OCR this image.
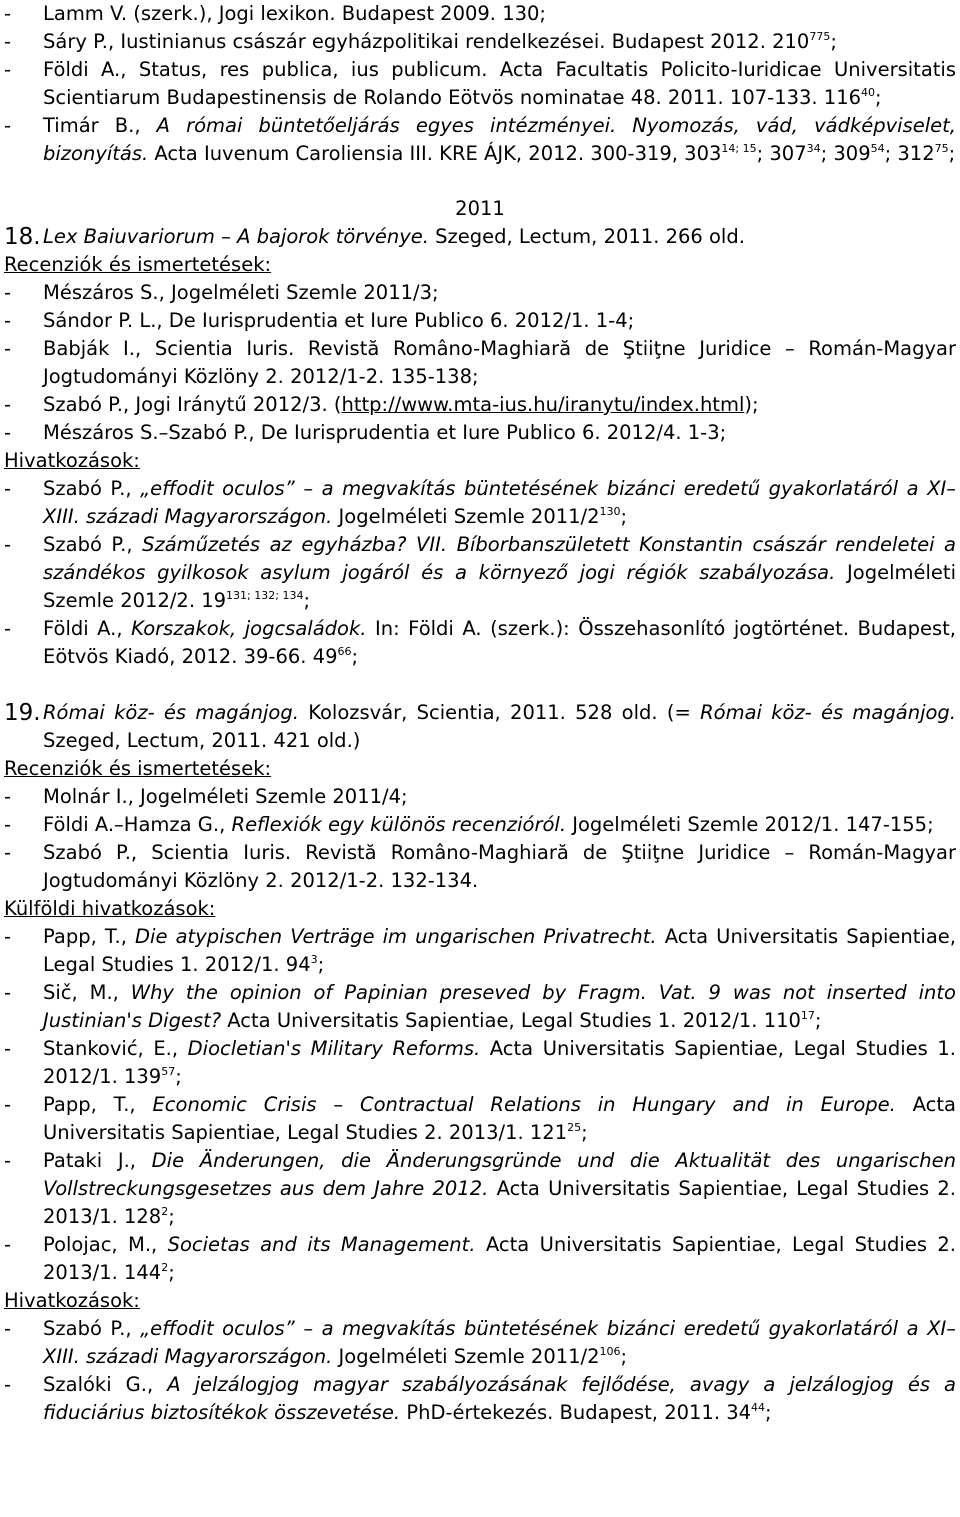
-	Lamm V. (szerk.), Jogi lexikon. Budapest 2009. 130;
-	Sáry P., Iustinianus császár egyházpolitikai rendelkezései. Budapest 2012. $210^{775}$;
-	Földi A., Status, res publica, ius publicum. Acta Facultatis Policito-Iuridicae Universitatis Scientiarum Budapestinensis de Rolando Eötvös nominatae 48. 2011. 107-133. $116^{40}$;
-	Timár B., A római büntetőeljárás egyes intézményei. Nyomozás, vád, vádképviselet, bizonyítás. Acta Iuvenum Caroliensia III. KRE ÁJK, 2012. 300-319, 303$^{14; 15}$; $307^{34}$; $309^{54}$; $312^{75}$;
2011
18. Lex Baiuvariorum – A bajorok törvénye. Szeged, Lectum, 2011. 266 old.
Recenziók és ismertetések:
-	Mészáros S., Jogelméleti Szemle 2011/3;
-	Sándor P. L., De Iurisprudentia et Iure Publico 6. 2012/1. 1-4;
-	Babják I., Scientia Iuris. Revistă Româno-Maghiară de Ştiiţne Juridice – Román-Magyar Jogtudományi Közlöny 2. 2012/1-2. 135-138;
-	Szabó P., Jogi Iránytű 2012/3. (http://www.mta-ius.hu/iranytu/index.html);
-	Mészáros S.–Szabó P., De Iurisprudentia et Iure Publico 6. 2012/4. 1-3;
Hivatkozások:
-	Szabó P., „effodit oculos” – a megvakítás büntetésének bizánci eredetű gyakorlatáról a XI–XIII. századi Magyarországon. Jogelméleti Szemle $2011/2^{130}$;
-	Szabó P., Száműzetés az egyházba? VII. Bíborbanszületett Konstantin császár rendeletei a szándékos gyilkosok asylum jogáról és a környező jogi régiók szabályozása. Jogelméleti Szemle 2012/2. 19$^{131; 132; 134}$;
-	Földi A., Korszakok, jogcsaládok. In: Földi A. (szerk.): Összehasonlító jogtörténet. Budapest, Eötvös Kiadó, 2012. 39-66. $49^{66}$;
19. Római köz- és magánjog. Kolozsvár, Scientia, 2011. 528 old. (= Római köz- és magánjog. Szeged, Lectum, 2011. 421 old.)
Recenziók és ismertetések:
-	Molnár I., Jogelméleti Szemle 2011/4;
-	Földi A.–Hamza G., Reflexiók egy különös recenzióról. Jogelméleti Szemle 2012/1. 147-155;
-	Szabó P., Scientia Iuris. Revistă Româno-Maghiară de Ştiiţne Juridice – Román-Magyar Jogtudományi Közlöny 2. 2012/1-2. 132-134.
Külföldi hivatkozások:
-	Papp, T., Die atypischen Verträge im ungarischen Privatrecht. Acta Universitatis Sapientiae, Legal Studies 1. 2012/1. $94^3$;
-	Sič, M., Why the opinion of Papinian preseved by Fragm. Vat. 9 was not inserted into Justinian's Digest? Acta Universitatis Sapientiae, Legal Studies 1. 2012/1. $110^{17}$;
-	Stanković, E., Diocletian's Military Reforms. Acta Universitatis Sapientiae, Legal Studies 1. 2012/1. $139^{57}$;
-	Papp, T., Economic Crisis – Contractual Relations in Hungary and in Europe. Acta Universitatis Sapientiae, Legal Studies 2. 2013/1. $121^{25}$;
-	Pataki J., Die Änderungen, die Änderungsgründe und die Aktualität des ungarischen Vollstreckungsgesetzes aus dem Jahre 2012. Acta Universitatis Sapientiae, Legal Studies 2. 2013/1. $128^2$;
-	Polojac, M., Societas and its Management. Acta Universitatis Sapientiae, Legal Studies 2. 2013/1. $144^2$;
Hivatkozások:
-	Szabó P., „effodit oculos” – a megvakítás büntetésének bizánci eredetű gyakorlatáról a XI–XIII. századi Magyarországon. Jogelméleti Szemle $2011/2^{106}$;
-	Szalóki G., A jelzálogjog magyar szabályozásának fejlődése, avagy a jelzálogjog és a fiduciárius biztosítékok összevetése. PhD-értekezés. Budapest, 2011. $34^{44}$;
